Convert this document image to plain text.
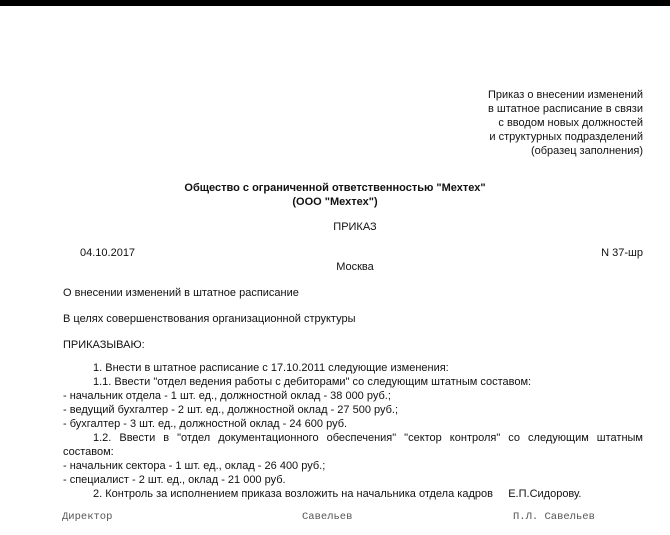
Приказ о внесении изменений
в штатное расписание в связи
с вводом новых должностей
и структурных подразделений
(образец заполнения)
Общество с ограниченной ответственностью "Мехтех"
(ООО "Мехтех")
ПРИКАЗ
04.10.2017	N 37-шр
Москва
О внесении изменений в штатное расписание
В целях совершенствования организационной структуры
ПРИКАЗЫВАЮ:
1. Внести в штатное расписание с 17.10.2011 следующие изменения:
1.1. Ввести "отдел ведения работы с дебиторами" со следующим штатным составом:
- начальник отдела - 1 шт. ед., должностной оклад - 38 000 руб.;
- ведущий бухгалтер - 2 шт. ед., должностной оклад - 27 500 руб.;
- бухгалтер - 3 шт. ед., должностной оклад - 24 600 руб.
1.2. Ввести в "отдел документационного обеспечения" "сектор контроля" со следующим штатным
составом:
- начальник сектора - 1 шт. ед., оклад - 26 400 руб.;
- специалист - 2 шт. ед., оклад - 21 000 руб.
2. Контроль за исполнением приказа возложить на начальника отдела кадров     Е.П.Сидорову.
Директор	Савельев	П.Л. Савельев
